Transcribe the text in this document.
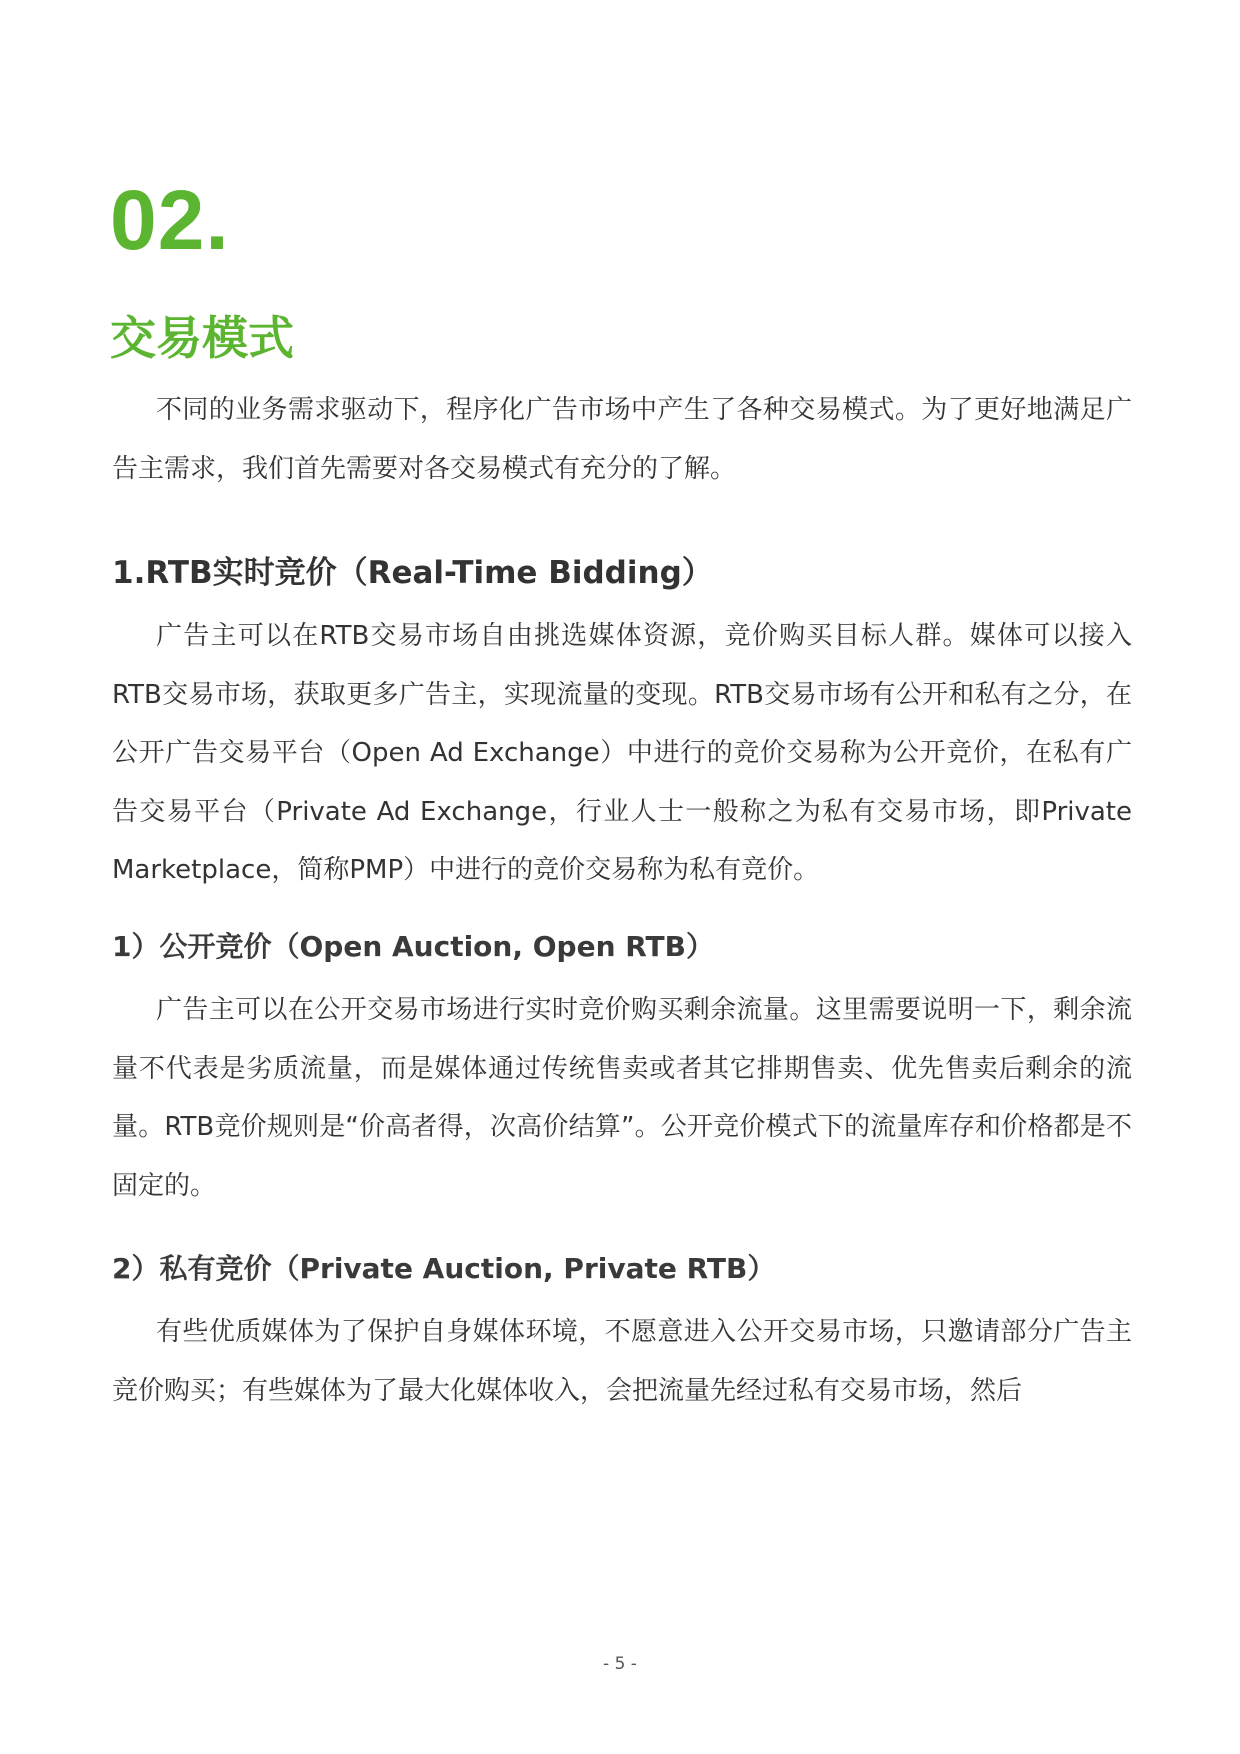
02.
交易模式

不同的业务需求驱动下，程序化广告市场中产生了各种交易模式。为了更好地满足广告主需求，我们首先需要对各交易模式有充分的了解。

1.RTB实时竞价（Real-Time Bidding）

广告主可以在RTB交易市场自由挑选媒体资源，竞价购买目标人群。媒体可以接入RTB交易市场，获取更多广告主，实现流量的变现。RTB交易市场有公开和私有之分，在公开广告交易平台（Open Ad Exchange）中进行的竞价交易称为公开竞价，在私有广告交易平台（Private Ad Exchange，行业人士一般称之为私有交易市场，即Private Marketplace，简称PMP）中进行的竞价交易称为私有竞价。

1）公开竞价（Open Auction, Open RTB）

广告主可以在公开交易市场进行实时竞价购买剩余流量。这里需要说明一下，剩余流量不代表是劣质流量，而是媒体通过传统售卖或者其它排期售卖、优先售卖后剩余的流量。RTB竞价规则是“价高者得，次高价结算”。公开竞价模式下的流量库存和价格都是不固定的。

2）私有竞价（Private Auction, Private RTB）

有些优质媒体为了保护自身媒体环境，不愿意进入公开交易市场，只邀请部分广告主竞价购买；有些媒体为了最大化媒体收入，会把流量先经过私有交易市场，然后

- 5 -
